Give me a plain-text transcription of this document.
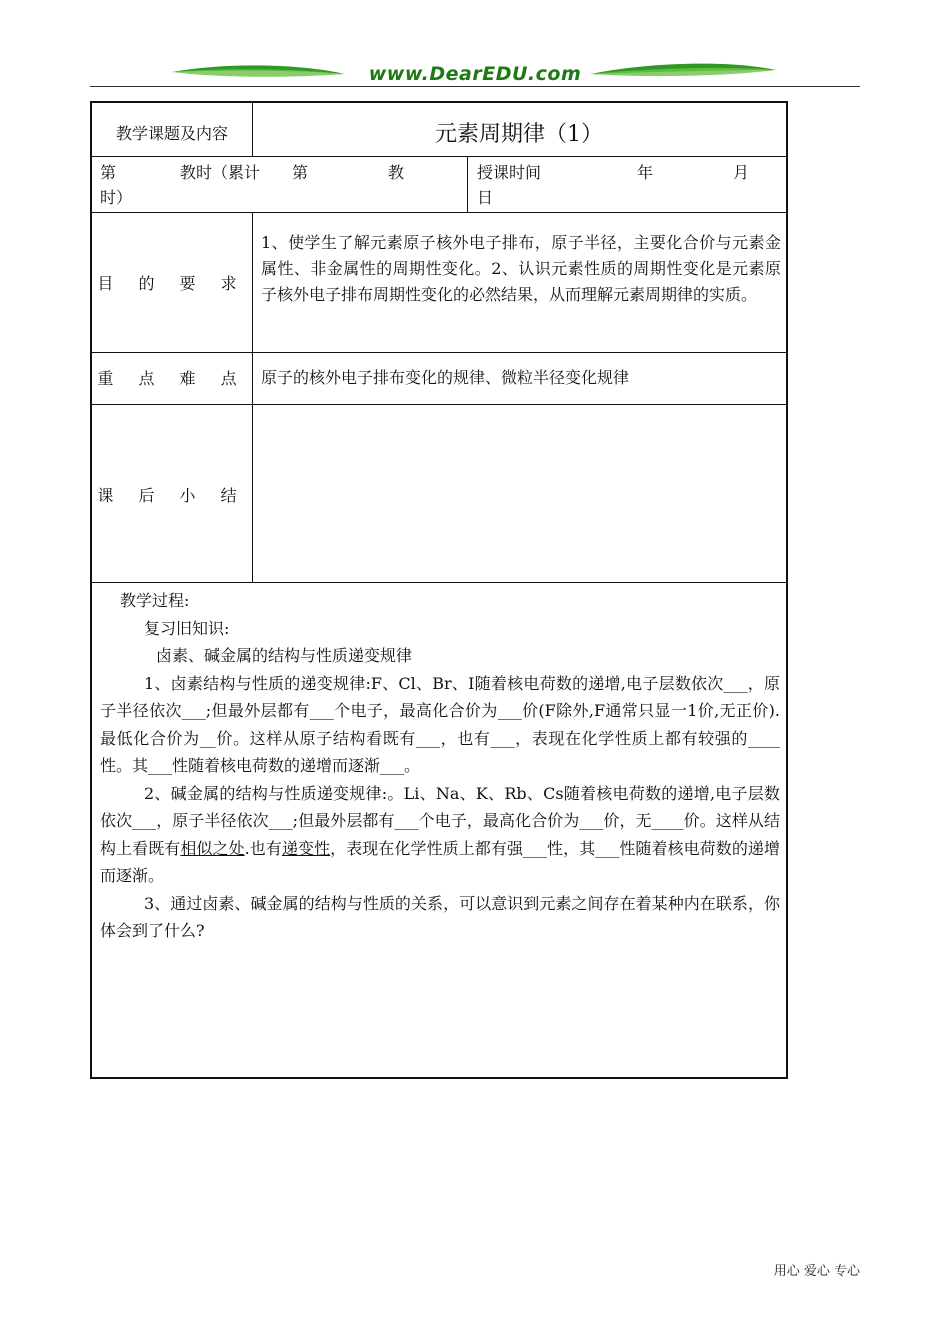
www.DearEDU.com
教学课题及内容	元素周期律（1）
第　　　　教时（累计　　第　　　　　教
时）
授课时间　　　　　　年　　　　　月
日
目 的 要 求
1、使学生了解元素原子核外电子排布，原子半径，主要化合价与元素金属性、非金属性的周期性变化。2、认识元素性质的周期性变化是元素原子核外电子排布周期性变化的必然结果，从而理解元素周期律的实质。
重 点 难 点 原子的核外电子排布变化的规律、微粒半径变化规律
课 后 小 结

教学过程:

复习旧知识:

卤素、碱金属的结构与性质递变规律

1、卤素结构与性质的递变规律:F、Cl、Br、I随着核电荷数的递增,电子层数依次___，原子半径依次___;但最外层都有___个电子，最高化合价为___价(F除外,F通常只显一1价,无正价).最低化合价为__价。这样从原子结构看既有___，也有___，表现在化学性质上都有较强的____性。其___性随着核电荷数的递增而逐渐___。

2、碱金属的结构与性质递变规律:。Li、Na、K、Rb、Cs随着核电荷数的递增,电子层数依次___，原子半径依次___;但最外层都有___个电子，最高化合价为___价，无____价。这样从结构上看既有相似之处.也有递变性，表现在化学性质上都有强___性，其___性随着核电荷数的递增而逐渐。

3、通过卤素、碱金属的结构与性质的关系，可以意识到元素之间存在着某种内在联系，你体会到了什么?

用心 爱心 专心
